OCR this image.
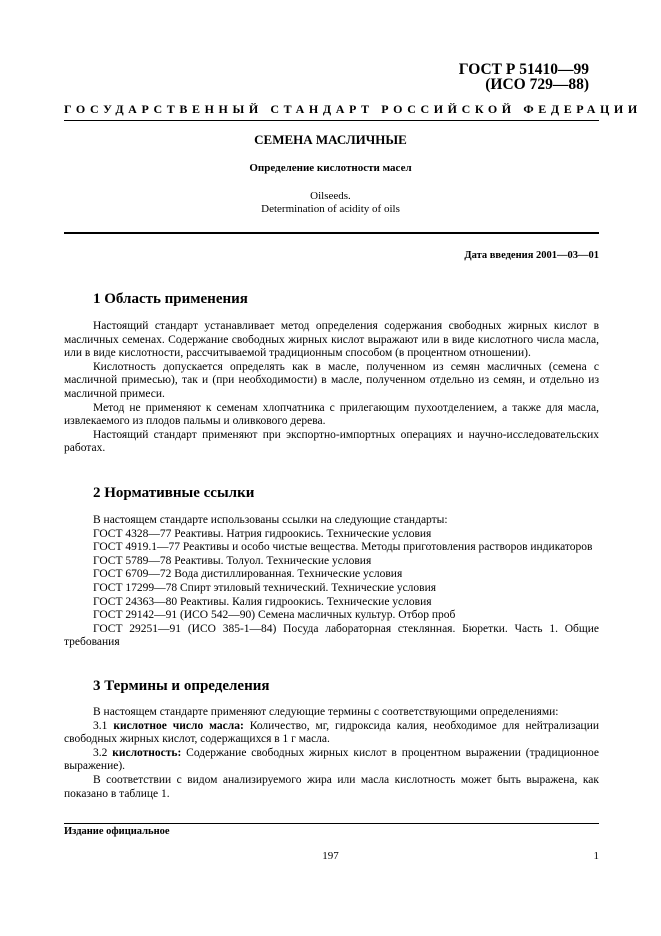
ГОСТ Р 51410—99
(ИСО 729—88)
ГОСУДАРСТВЕННЫЙ СТАНДАРТ РОССИЙСКОЙ ФЕДЕРАЦИИ
СЕМЕНА МАСЛИЧНЫЕ
Определение кислотности масел
Oilseeds.
Determination of acidity of oils
Дата введения 2001—03—01
1 Область применения

Настоящий стандарт устанавливает метод определения содержания свободных жирных кислот в масличных семенах. Содержание свободных жирных кислот выражают или в виде кислотного числа масла, или в виде кислотности, рассчитываемой традиционным способом (в процентном отношении).

Кислотность допускается определять как в масле, полученном из семян масличных (семена с масличной примесью), так и (при необходимости) в масле, полученном отдельно из семян, и отдельно из масличной примеси.

Метод не применяют к семенам хлопчатника с прилегающим пухоотделением, а также для масла, извлекаемого из плодов пальмы и оливкового дерева.

Настоящий стандарт применяют при экспортно-импортных операциях и научно-исследовательских работах.

2 Нормативные ссылки

В настоящем стандарте использованы ссылки на следующие стандарты:

ГОСТ 4328—77 Реактивы. Натрия гидроокись. Технические условия

ГОСТ 4919.1—77 Реактивы и особо чистые вещества. Методы приготовления растворов индикаторов

ГОСТ 5789—78 Реактивы. Толуол. Технические условия

ГОСТ 6709—72 Вода дистиллированная. Технические условия

ГОСТ 17299—78 Спирт этиловый технический. Технические условия

ГОСТ 24363—80 Реактивы. Калия гидроокись. Технические условия

ГОСТ 29142—91 (ИСО 542—90) Семена масличных культур. Отбор проб

ГОСТ 29251—91 (ИСО 385-1—84) Посуда лабораторная стеклянная. Бюретки. Часть 1. Общие требования

3 Термины и определения

В настоящем стандарте применяют следующие термины с соответствующими определениями:

3.1 кислотное число масла: Количество, мг, гидроксида калия, необходимое для нейтрализации свободных жирных кислот, содержащихся в 1 г масла.

3.2 кислотность: Содержание свободных жирных кислот в процентном выражении (традиционное выражение).

В соответствии с видом анализируемого жира или масла кислотность может быть выражена, как показано в таблице 1.

Издание официальное
197	1
